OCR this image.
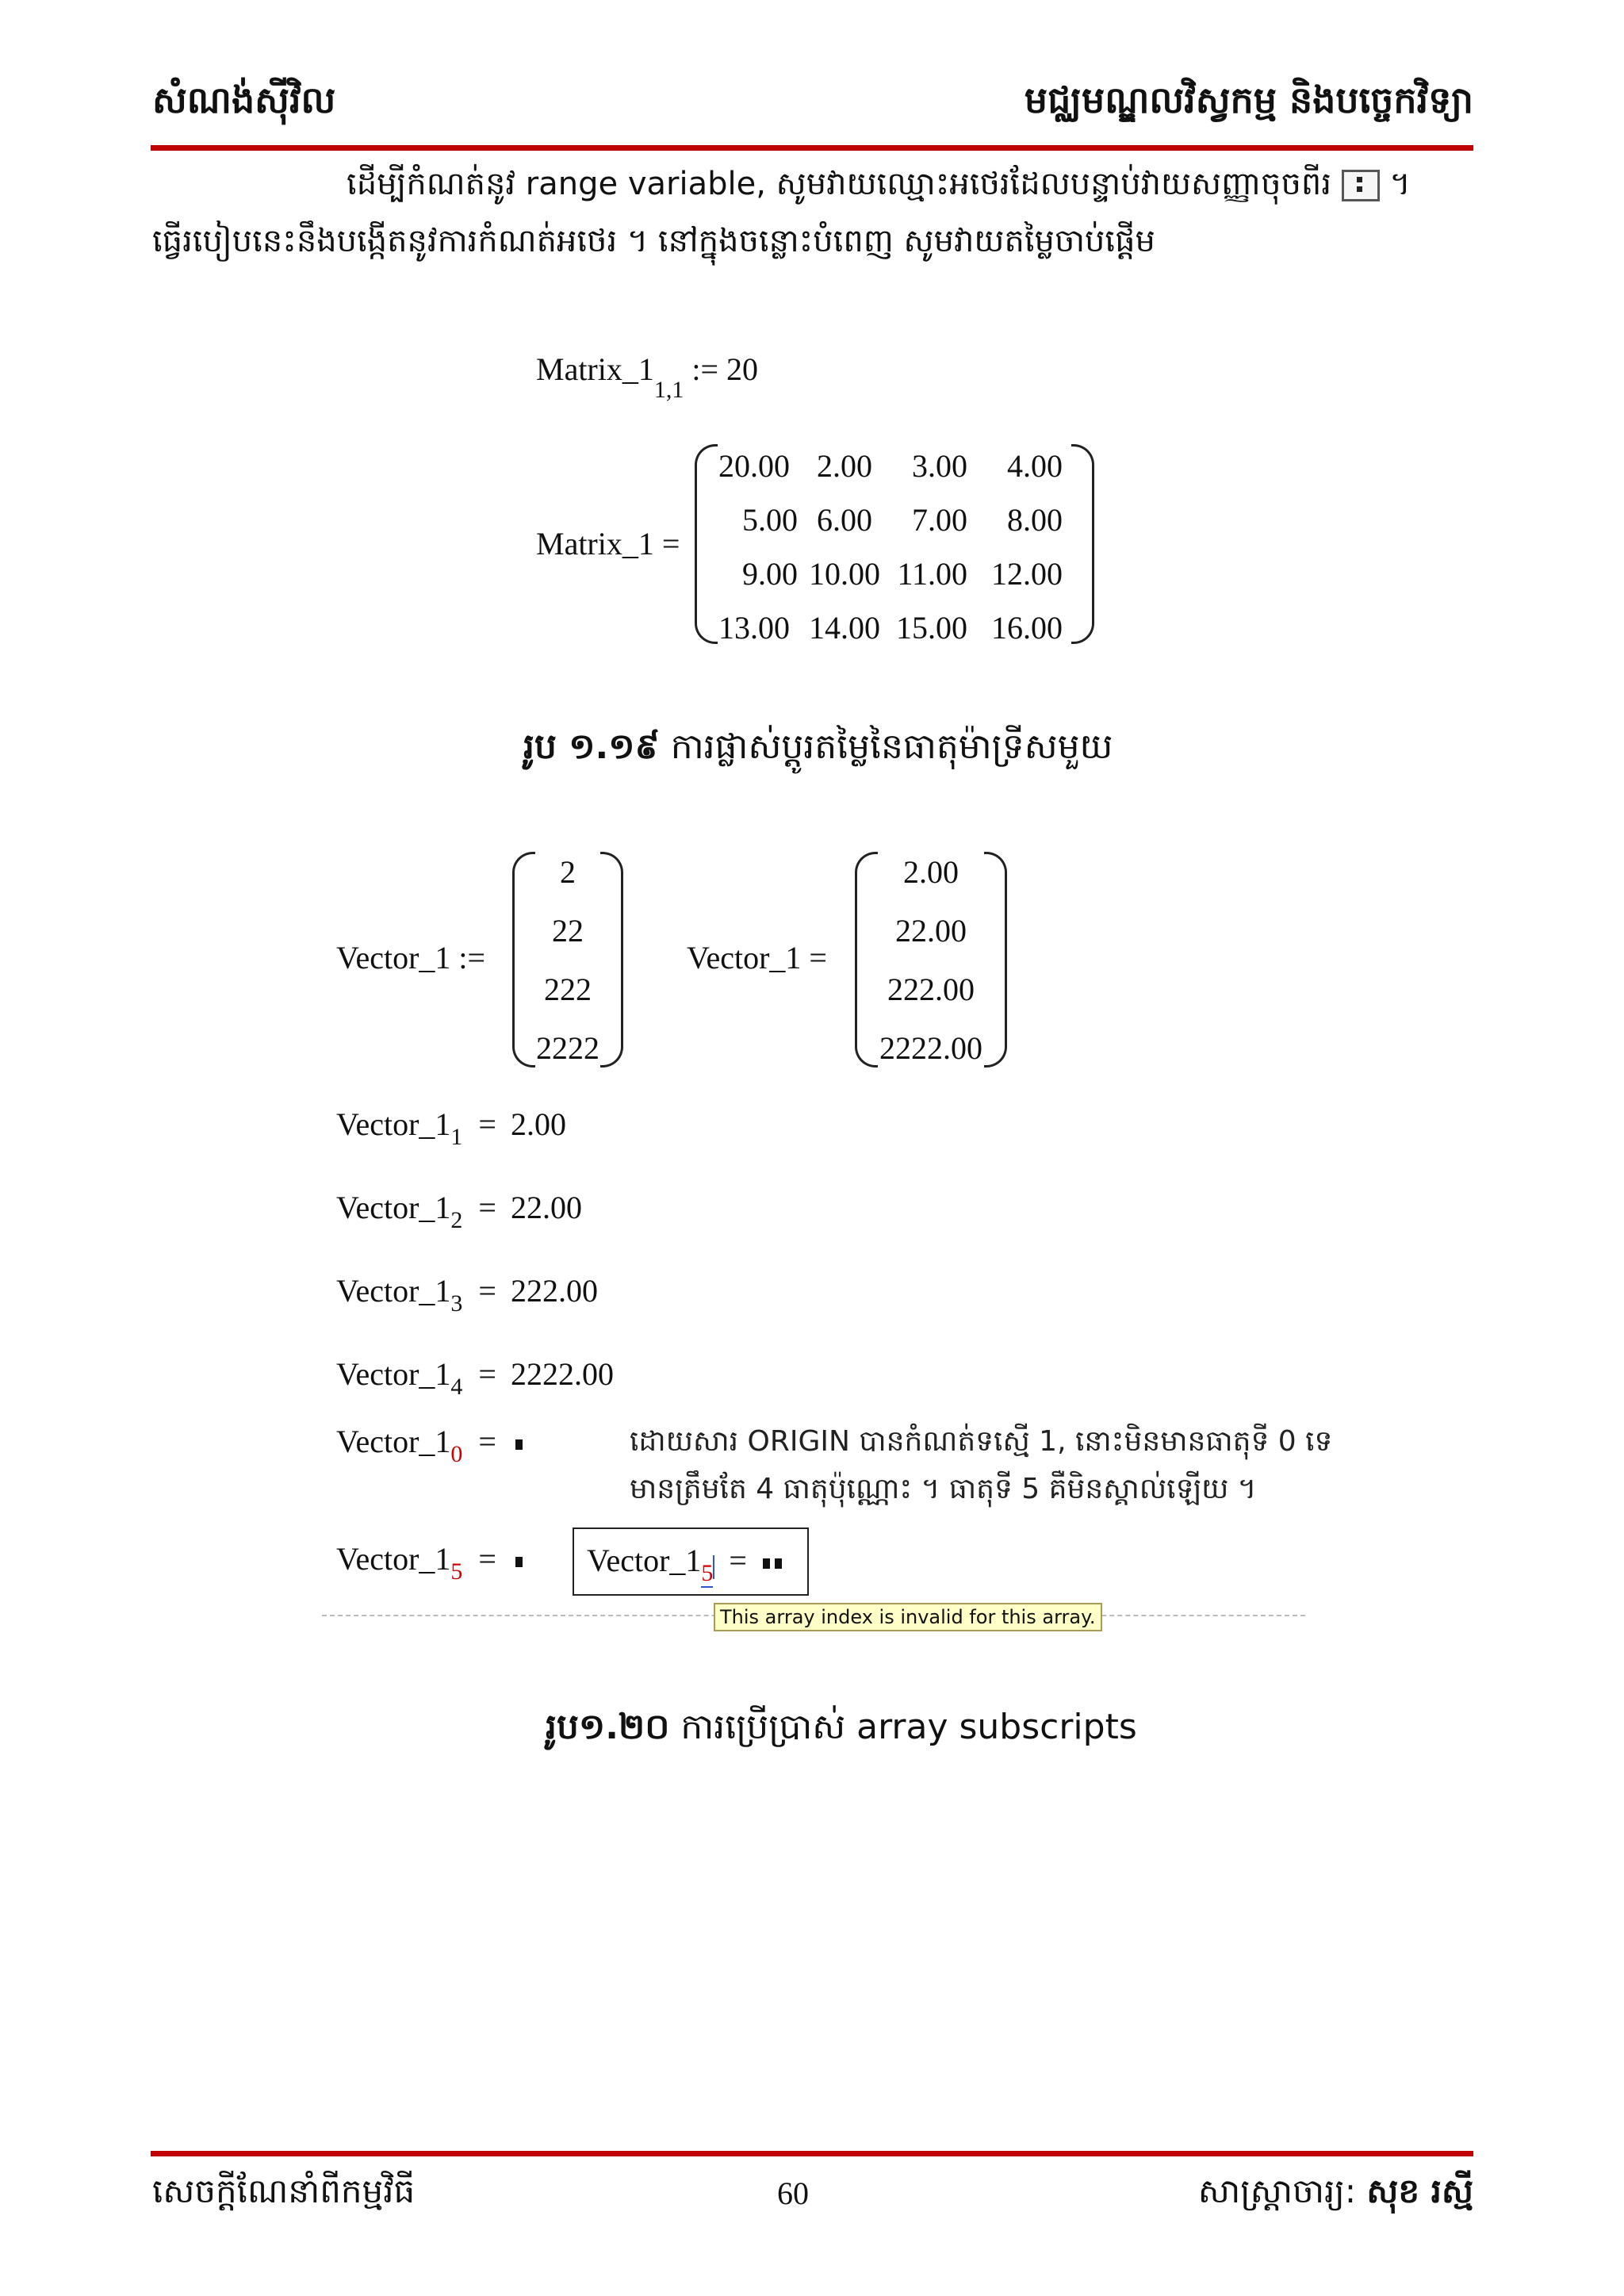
សំណង់ស៊ីវិល	មជ្ឈមណ្ឌលវិស្វកម្ម និងបច្ចេកវិទ្យា
ដើម្បីកំណត់នូវ range variable, សូមវាយឈ្មោះអថេរដែលបន្ទាប់វាយសញ្ញាចុចពីរ ។
ធ្វើរបៀបនេះនឹងបង្កើតនូវការកំណត់អថេរ ។ នៅក្នុងចន្លោះបំពេញ សូមវាយតម្លៃចាប់ផ្តើម
$Matrix\_1_{1,1}$ := 20
Matrix_1 =
20.00 2.00	3.00	4.00
5.00 6.00	7.00	8.00
9.00 10.00 11.00 12.00
13.00 14.00 15.00 16.00
រូប ១.១៩ ការផ្លាស់ប្តូរតម្លៃនៃធាតុម៉ាទ្រីសមួយ
Vector_1 :=
2
22
222
2222
Vector_1 =
2.00
22.00
222.00
2222.00
$Vector\_1_1 = 2.00$
$Vector\_1_2 = 22.00$
$Vector\_1_3 = 222.00$
$Vector\_1_4 = 2222.00$
$Vector\_1_0$ =	ដោយសារ ORIGIN បានកំណត់ទស្មើ 1, នោះមិនមានធាតុទី 0 ទេ
មានត្រឹមតែ 4 ធាតុប៉ុណ្ណោះ ។ ធាតុទី 5 គឺមិនស្គាល់ឡើយ ។
$Vector\_1_5$ =	$Vector\_1_5$ =
This array index is invalid for this array.
រូប១.២០ ការប្រើប្រាស់ array subscripts
សេចក្តីណែនាំពីកម្មវិធី	60	សាស្ត្រាចារ្យ: សុខ រស្មី
